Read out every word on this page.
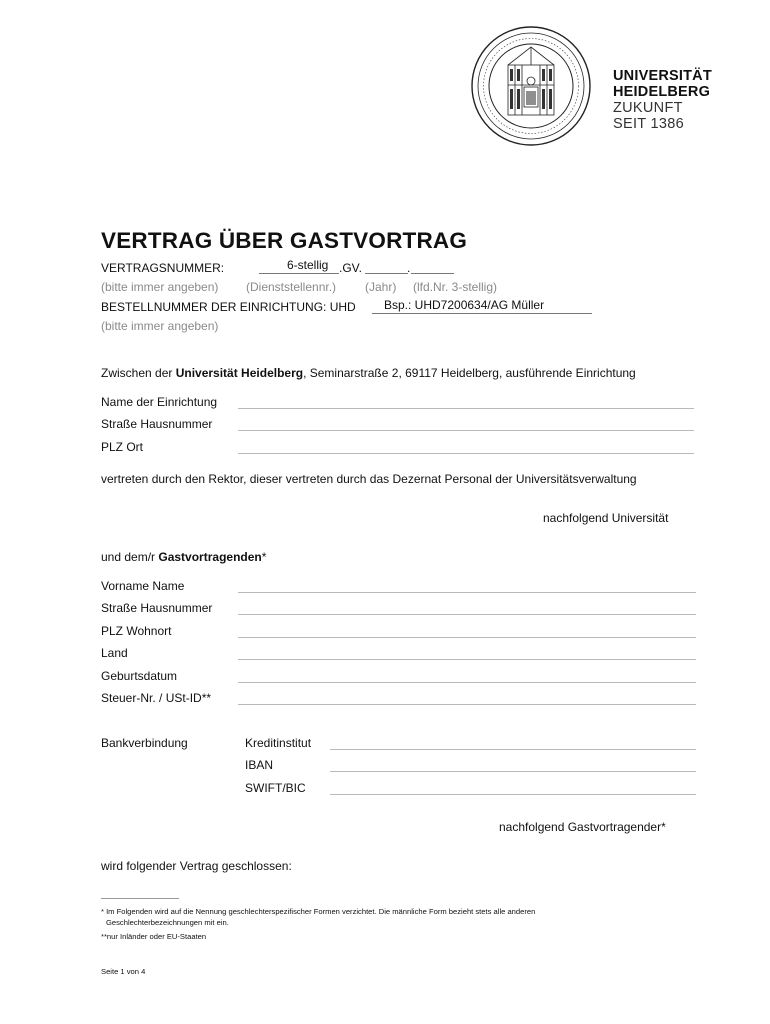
UNIVERSITÄT
HEIDELBERG
ZUKUNFT
SEIT 1386
VERTRAG ÜBER GASTVORTRAG
VERTRAGSNUMMER:	6-stellig .GV.	.
(bitte immer angeben) (Dienststellennr.) (Jahr) (lfd.Nr. 3-stellig)
BESTELLNUMMER DER EINRICHTUNG: UHD Bsp.: UHD7200634/AG Müller
(bitte immer angeben)
Zwischen der Universität Heidelberg, Seminarstraße 2, 69117 Heidelberg, ausführende Einrichtung
Name der Einrichtung
Straße Hausnummer
PLZ Ort
vertreten durch den Rektor, dieser vertreten durch das Dezernat Personal der Universitätsverwaltung
nachfolgend Universität
und dem/r Gastvortragenden*
Vorname Name
Straße Hausnummer
PLZ Wohnort
Land
Geburtsdatum
Steuer-Nr. / USt-ID**
Bankverbindung	Kreditinstitut
IBAN
SWIFT/BIC
nachfolgend Gastvortragender*
wird folgender Vertrag geschlossen:
* Im Folgenden wird auf die Nennung geschlechterspezifischer Formen verzichtet. Die männliche Form bezieht stets alle anderen
Geschlechterbezeichnungen mit ein.
**nur Inländer oder EU-Staaten
Seite 1 von 4
